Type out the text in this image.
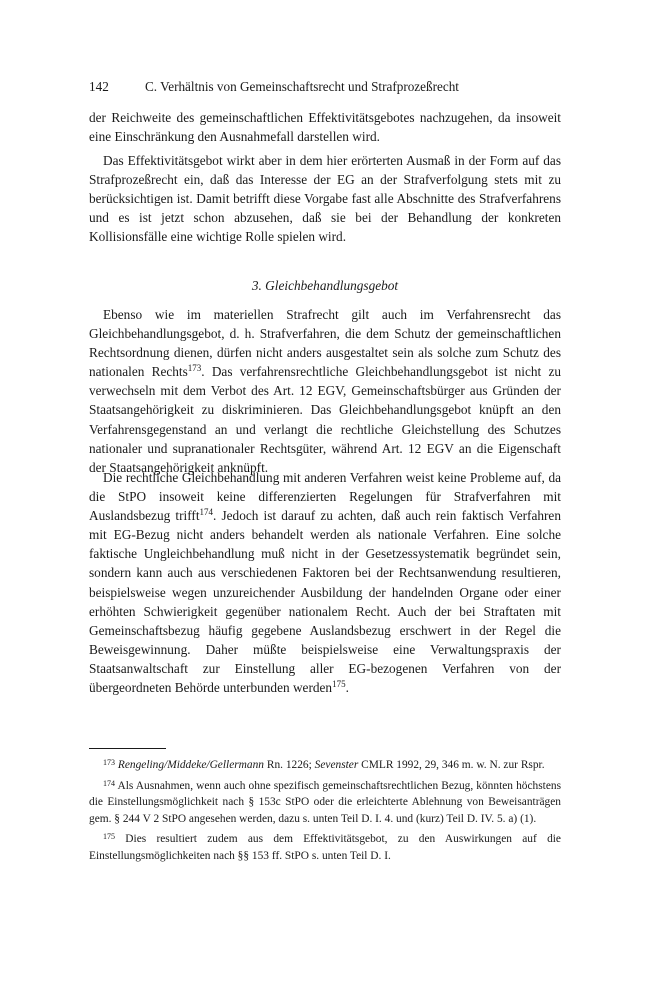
142	C. Verhältnis von Gemeinschaftsrecht und Strafprozeßrecht

der Reichweite des gemeinschaftlichen Effektivitätsgebotes nachzugehen, da insoweit eine Einschränkung den Ausnahmefall darstellen wird.

Das Effektivitätsgebot wirkt aber in dem hier erörterten Ausmaß in der Form auf das Strafprozeßrecht ein, daß das Interesse der EG an der Strafverfolgung stets mit zu berücksichtigen ist. Damit betrifft diese Vorgabe fast alle Abschnitte des Strafverfahrens und es ist jetzt schon abzusehen, daß sie bei der Behandlung der konkreten Kollisionsfälle eine wichtige Rolle spielen wird.

3. Gleichbehandlungsgebot

Ebenso wie im materiellen Strafrecht gilt auch im Verfahrensrecht das Gleichbehandlungsgebot, d. h. Strafverfahren, die dem Schutz der gemeinschaftlichen Rechtsordnung dienen, dürfen nicht anders ausgestaltet sein als solche zum Schutz des nationalen Rechts$^{173}$. Das verfahrensrechtliche Gleichbehandlungsgebot ist nicht zu verwechseln mit dem Verbot des Art. 12 EGV, Gemeinschaftsbürger aus Gründen der Staatsangehörigkeit zu diskriminieren. Das Gleichbehandlungsgebot knüpft an den Verfahrensgegenstand an und verlangt die rechtliche Gleichstellung des Schutzes nationaler und supranationaler Rechtsgüter, während Art. 12 EGV an die Eigenschaft der Staatsangehörigkeit anknüpft.

Die rechtliche Gleichbehandlung mit anderen Verfahren weist keine Probleme auf, da die StPO insoweit keine differenzierten Regelungen für Strafverfahren mit Auslandsbezug trifft$^{174}$. Jedoch ist darauf zu achten, daß auch rein faktisch Verfahren mit EG-Bezug nicht anders behandelt werden als nationale Verfahren. Eine solche faktische Ungleichbehandlung muß nicht in der Gesetzessystematik begründet sein, sondern kann auch aus verschiedenen Faktoren bei der Rechtsanwendung resultieren, beispielsweise wegen unzureichender Ausbildung der handelnden Organe oder einer erhöhten Schwierigkeit gegenüber nationalem Recht. Auch der bei Straftaten mit Gemeinschaftsbezug häufig gegebene Auslandsbezug erschwert in der Regel die Beweisgewinnung. Daher müßte beispielsweise eine Verwaltungspraxis der Staatsanwaltschaft zur Einstellung aller EG-bezogenen Verfahren von der übergeordneten Behörde unterbunden werden$^{175}$.

$^{173}$ Rengeling/Middeke/Gellermann Rn. 1226; Sevenster CMLR 1992, 29, 346 m. w. N. zur Rspr.

$^{174}$ Als Ausnahmen, wenn auch ohne spezifisch gemeinschaftsrechtlichen Bezug, könnten höchstens die Einstellungsmöglichkeit nach § 153c StPO oder die erleichterte Ablehnung von Beweisanträgen gem. § 244 V 2 StPO angesehen werden, dazu s. unten Teil D. I. 4. und (kurz) Teil D. IV. 5. a) (1).

$^{175}$ Dies resultiert zudem aus dem Effektivitätsgebot, zu den Auswirkungen auf die Einstellungsmöglichkeiten nach §§ 153 ff. StPO s. unten Teil D. I.
